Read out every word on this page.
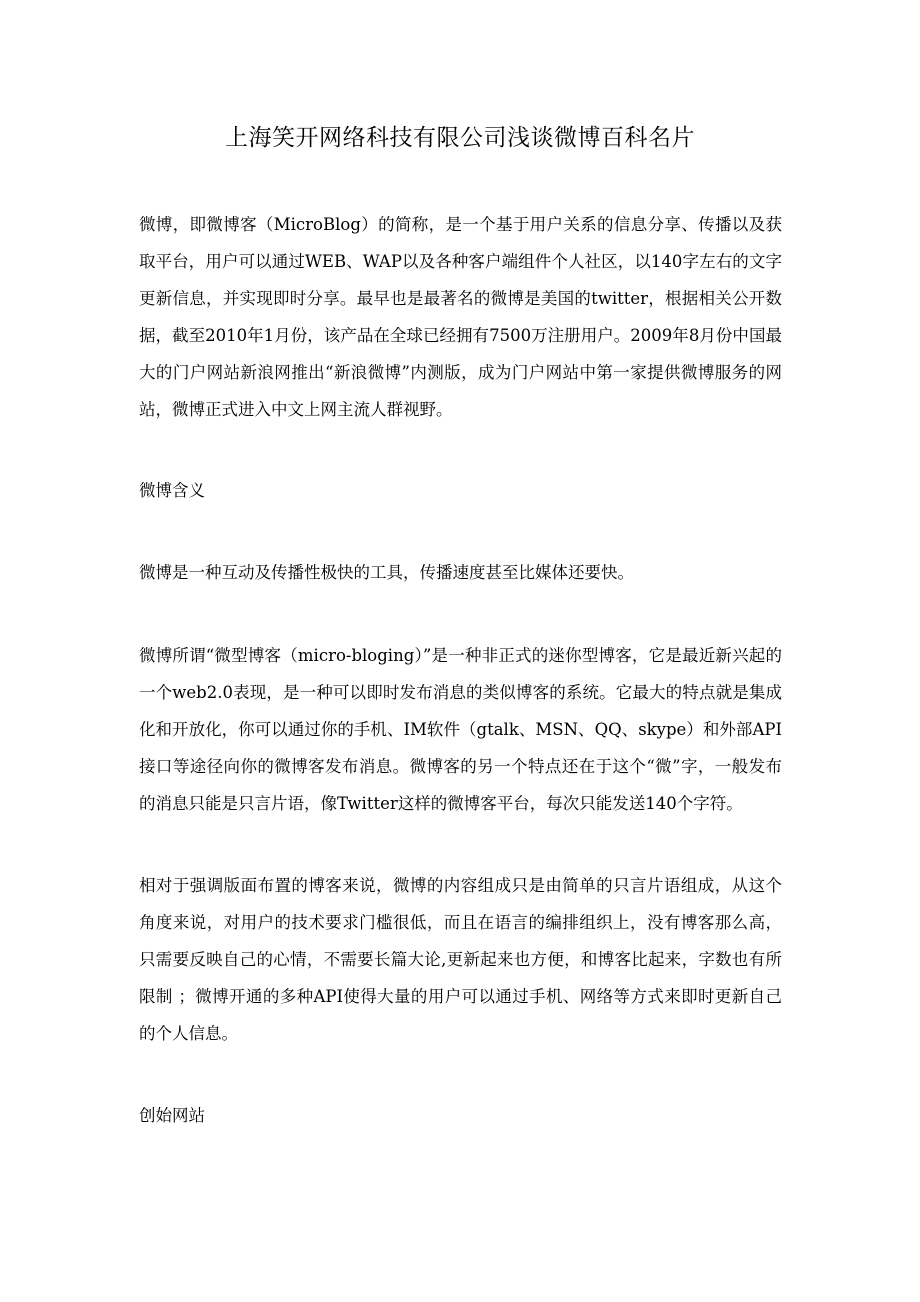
上海笑开网络科技有限公司浅谈微博百科名片

微博，即微博客（MicroBlog）的简称，是一个基于用户关系的信息分享、传播以及获取平台，用户可以通过WEB、WAP以及各种客户端组件个人社区，以140字左右的文字更新信息，并实现即时分享。最早也是最著名的微博是美国的twitter，根据相关公开数据，截至2010年1月份，该产品在全球已经拥有7500万注册用户。2009年8月份中国最大的门户网站新浪网推出“新浪微博”内测版，成为门户网站中第一家提供微博服务的网站，微博正式进入中文上网主流人群视野。

微博含义

微博是一种互动及传播性极快的工具，传播速度甚至比媒体还要快。

微博所谓“微型博客（micro-bloging）”是一种非正式的迷你型博客，它是最近新兴起的一个web2.0表现，是一种可以即时发布消息的类似博客的系统。它最大的特点就是集成化和开放化，你可以通过你的手机、IM软件（gtalk、MSN、QQ、skype）和外部API接口等途径向你的微博客发布消息。微博客的另一个特点还在于这个“微”字，一般发布的消息只能是只言片语，像Twitter这样的微博客平台，每次只能发送140个字符。

相对于强调版面布置的博客来说，微博的内容组成只是由简单的只言片语组成，从这个角度来说，对用户的技术要求门槛很低，而且在语言的编排组织上，没有博客那么高，只需要反映自己的心情，不需要长篇大论,更新起来也方便，和博客比起来，字数也有所限制 ；微博开通的多种API使得大量的用户可以通过手机、网络等方式来即时更新自己的个人信息。

创始网站
